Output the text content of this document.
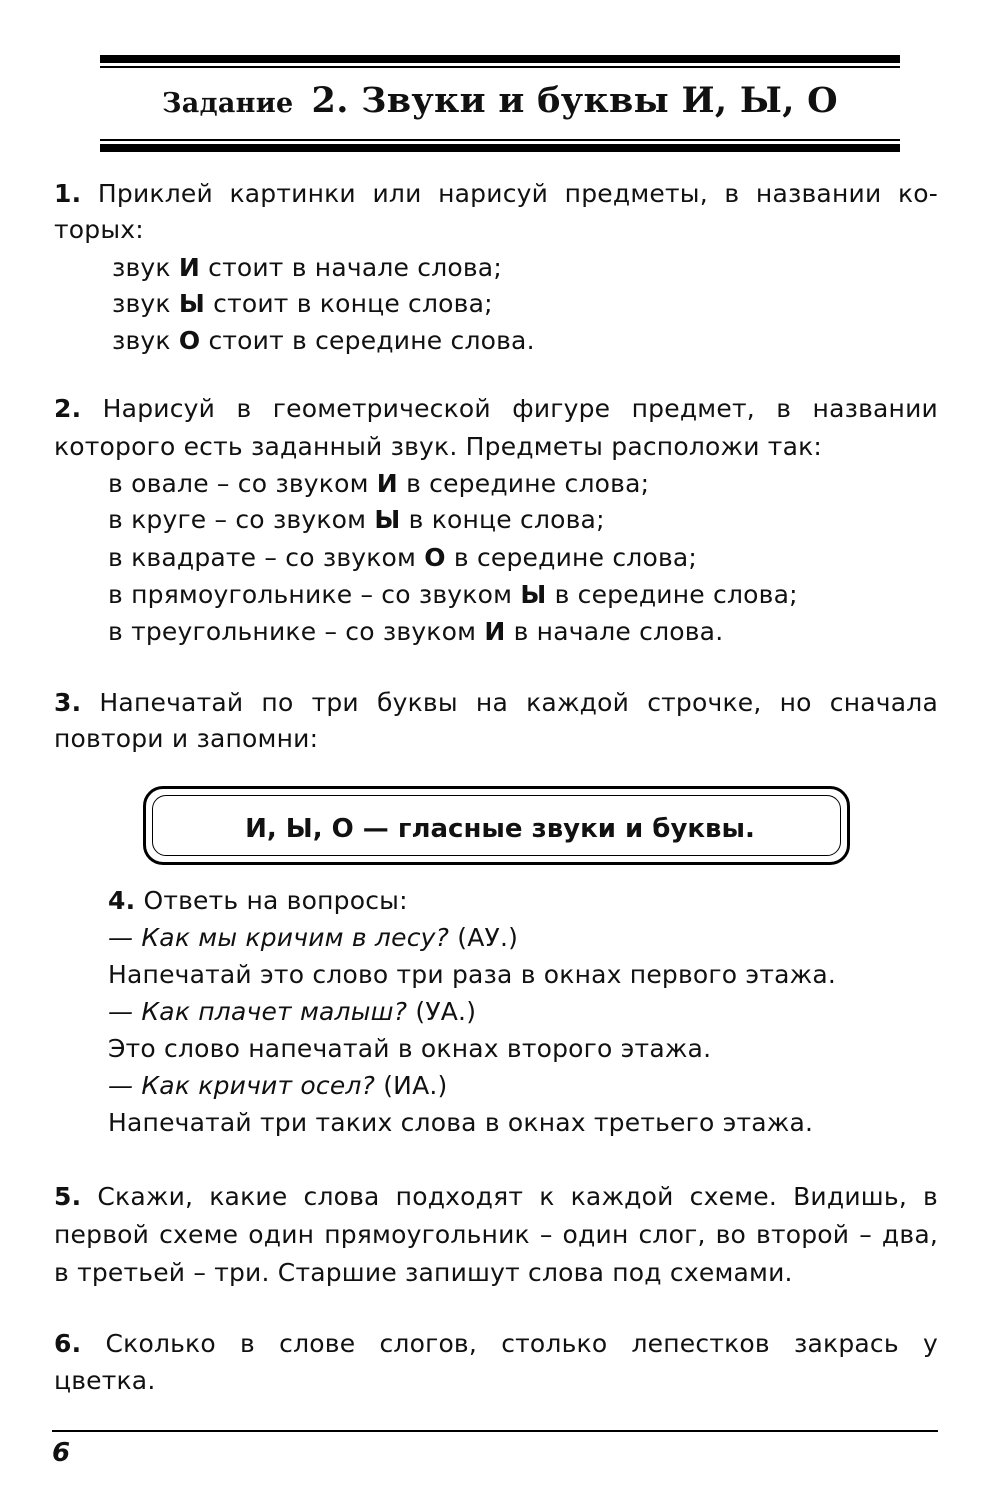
Задание 2. Звуки и буквы И, Ы, О
1. Приклей картинки или нарисуй предметы, в названии ко-
торых:
звук И стоит в начале слова;
звук Ы стоит в конце слова;
звук О стоит в середине слова.
2. Нарисуй в геометрической фигуре предмет, в названии
которого есть заданный звук. Предметы расположи так:
в овале – со звуком И в середине слова;
в круге – со звуком Ы в конце слова;
в квадрате – со звуком О в середине слова;
в прямоугольнике – со звуком Ы в середине слова;
в треугольнике – со звуком И в начале слова.
3. Напечатай по три буквы на каждой строчке, но сначала
повтори и запомни:
И, Ы, О — гласные звуки и буквы.
4. Ответь на вопросы:
— Как мы кричим в лесу? (АУ.)
Напечатай это слово три раза в окнах первого этажа.
— Как плачет малыш? (УА.)
Это слово напечатай в окнах второго этажа.
— Как кричит осел? (ИА.)
Напечатай три таких слова в окнах третьего этажа.
5. Скажи, какие слова подходят к каждой схеме. Видишь, в
первой схеме один прямоугольник – один слог, во второй – два,
в третьей – три. Старшие запишут слова под схемами.
6. Сколько в слове слогов, столько лепестков закрась у
цветка.
6
